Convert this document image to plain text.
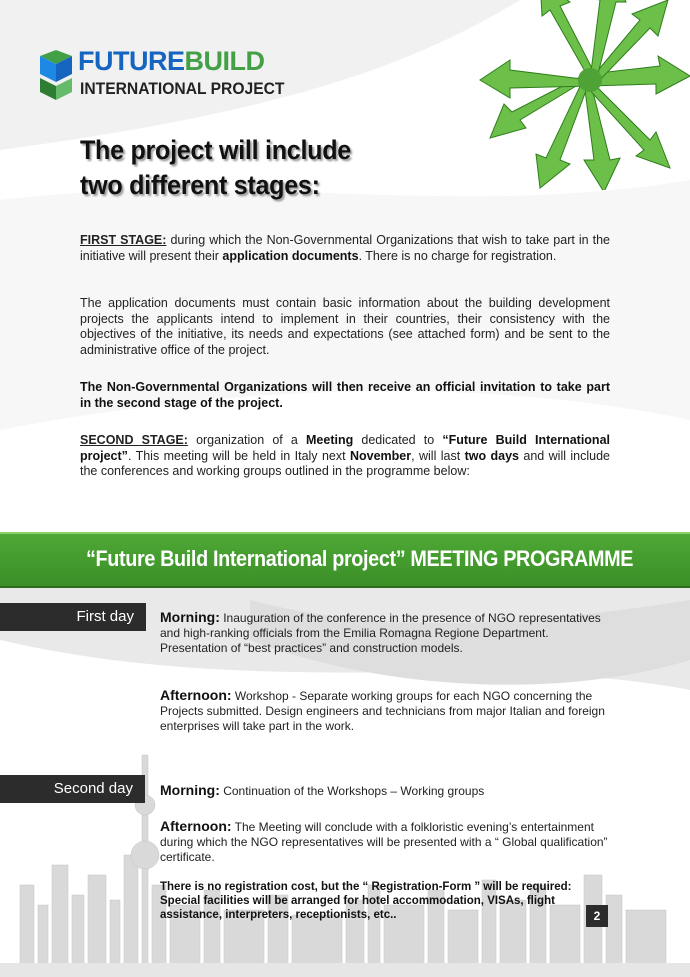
FUTUREBUILD
INTERNATIONAL PROJECT
The project will include
two different stages:

FIRST STAGE: during which the Non-Governmental Organizations that wish to take part in the initiative will present their application documents. There is no charge for registration.

The application documents must contain basic information about the building development projects the applicants intend to implement in their countries, their consistency with the objectives of the initiative, its needs and expectations (see attached form) and be sent to the administrative office of the project.

The Non-Governmental Organizations will then receive an official invitation to take part in the second stage of the project.

SECOND STAGE: organization of a Meeting dedicated to “Future Build International project”. This meeting will be held in Italy next November, will last two days and will include the conferences and working groups outlined in the programme below:

“Future Build International project” MEETING PROGRAMME
First day	Morning: Inauguration of the conference in the presence of NGO representatives and high-ranking officials from the Emilia Romagna Regione Department.
Presentation of “best practices” and construction models.

Afternoon: Workshop - Separate working groups for each NGO concerning the Projects submitted. Design engineers and technicians from major Italian and foreign enterprises will take part in the work.

Second day	Morning: Continuation of the Workshops – Working groups

Afternoon: The Meeting will conclude with a folkloristic evening’s entertainment during which the NGO representatives will be presented with a “ Global qualification” certificate.

There is no registration cost, but the “ Registration-Form ” will be required: Special facilities will be arranged for hotel accommodation, VISAs, flight assistance, interpreters, receptionists, etc..	2
